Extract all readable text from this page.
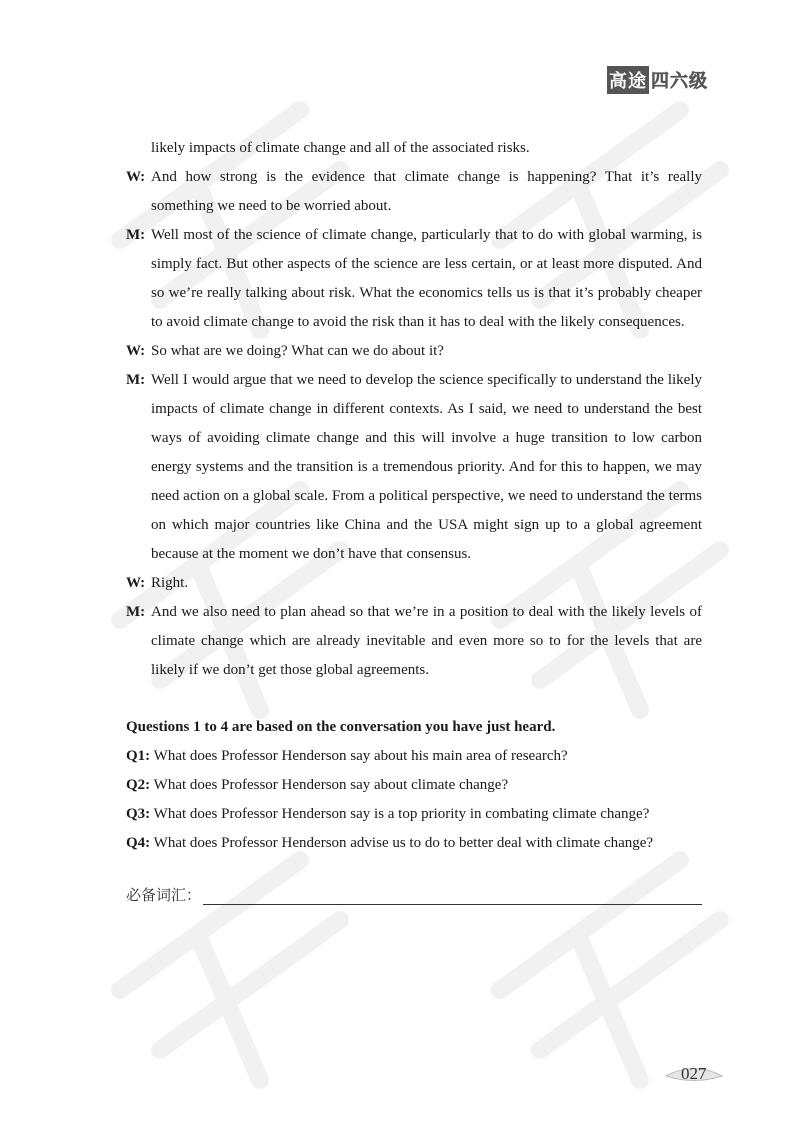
高途 四六级
likely impacts of climate change and all of the associated risks.
W: And how strong is the evidence that climate change is happening? That it’s really something we need to be worried about.
M: Well most of the science of climate change, particularly that to do with global warming, is simply fact. But other aspects of the science are less certain, or at least more disputed. And so we’re really talking about risk. What the economics tells us is that it’s probably cheaper to avoid climate change to avoid the risk than it has to deal with the likely consequences.
W: So what are we doing? What can we do about it?
M: Well I would argue that we need to develop the science specifically to understand the likely impacts of climate change in different contexts. As I said, we need to understand the best ways of avoiding climate change and this will involve a huge transition to low carbon energy systems and the transition is a tremendous priority. And for this to happen, we may need action on a global scale. From a political perspective, we need to understand the terms on which major countries like China and the USA might sign up to a global agreement because at the moment we don’t have that consensus.
W: Right.
M: And we also need to plan ahead so that we’re in a position to deal with the likely levels of climate change which are already inevitable and even more so to for the levels that are likely if we don’t get those global agreements.
Questions 1 to 4 are based on the conversation you have just heard.
Q1: What does Professor Henderson say about his main area of research?
Q2: What does Professor Henderson say about climate change?
Q3: What does Professor Henderson say is a top priority in combating climate change?
Q4: What does Professor Henderson advise us to do to better deal with climate change?
必备词汇：
027
